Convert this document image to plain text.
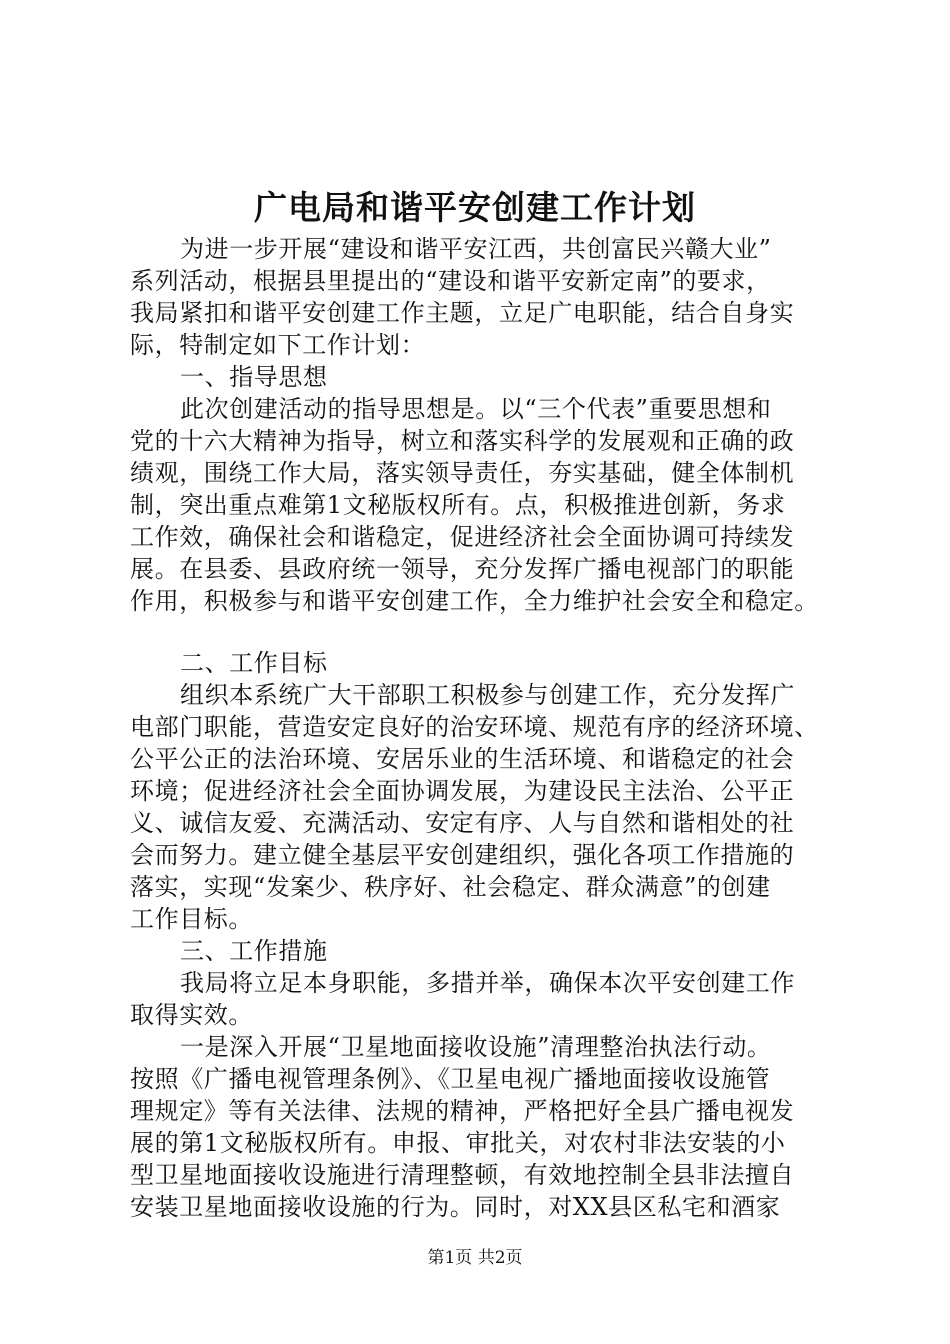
广电局和谐平安创建工作计划
为进一步开展“建设和谐平安江西，共创富民兴赣大业”
系列活动，根据县里提出的“建设和谐平安新定南”的要求，
我局紧扣和谐平安创建工作主题，立足广电职能，结合自身实
际，特制定如下工作计划：
一、指导思想
此次创建活动的指导思想是。以“三个代表”重要思想和
党的十六大精神为指导，树立和落实科学的发展观和正确的政
绩观，围绕工作大局，落实领导责任，夯实基础，健全体制机
制，突出重点难第1文秘版权所有。点，积极推进创新，务求
工作效，确保社会和谐稳定，促进经济社会全面协调可持续发
展。在县委、县政府统一领导，充分发挥广播电视部门的职能
作用，积极参与和谐平安创建工作，全力维护社会安全和稳定。
二、工作目标
组织本系统广大干部职工积极参与创建工作，充分发挥广
电部门职能，营造安定良好的治安环境、规范有序的经济环境、
公平公正的法治环境、安居乐业的生活环境、和谐稳定的社会
环境；促进经济社会全面协调发展，为建设民主法治、公平正
义、诚信友爱、充满活动、安定有序、人与自然和谐相处的社
会而努力。建立健全基层平安创建组织，强化各项工作措施的
落实，实现“发案少、秩序好、社会稳定、群众满意”的创建
工作目标。
三、工作措施
我局将立足本身职能，多措并举，确保本次平安创建工作
取得实效。
一是深入开展“卫星地面接收设施”清理整治执法行动。
按照《广播电视管理条例》、《卫星电视广播地面接收设施管
理规定》等有关法律、法规的精神，严格把好全县广播电视发
展的第1文秘版权所有。申报、审批关，对农村非法安装的小
型卫星地面接收设施进行清理整顿，有效地控制全县非法擅自
安装卫星地面接收设施的行为。同时，对XX县区私宅和酒家
第1页 共2页
